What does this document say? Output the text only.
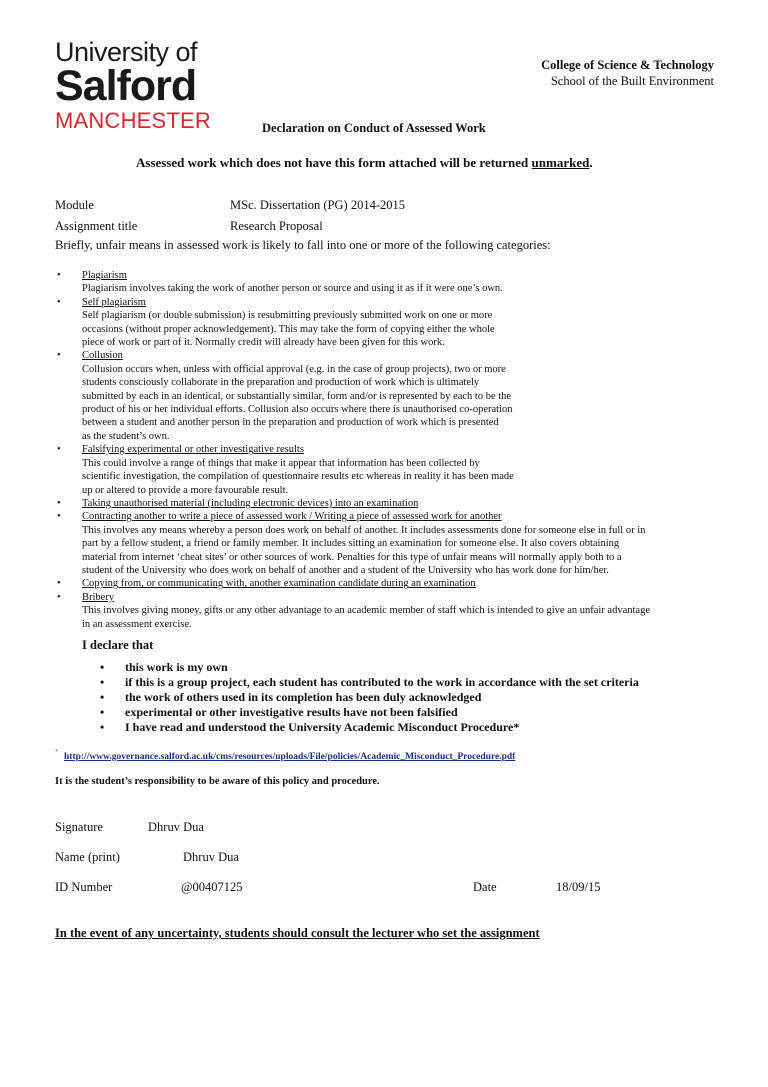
University of
Salford
MANCHESTER
College of Science & Technology
School of the Built Environment
Declaration on Conduct of Assessed Work
Assessed work which does not have this form attached will be returned unmarked.
Module	MSc. Dissertation (PG) 2014-2015
Assignment title	Research Proposal
Briefly, unfair means in assessed work is likely to fall into one or more of the following categories:
• Plagiarism
Plagiarism involves taking the work of another person or source and using it as if it were one’s own.
• Self plagiarism
Self plagiarism (or double submission) is resubmitting previously submitted work on one or more
occasions (without proper acknowledgement). This may take the form of copying either the whole
piece of work or part of it. Normally credit will already have been given for this work.
• Collusion
Collusion occurs when, unless with official approval (e.g. in the case of group projects), two or more
students consciously collaborate in the preparation and production of work which is ultimately
submitted by each in an identical, or substantially similar, form and/or is represented by each to be the
product of his or her individual efforts. Collusion also occurs where there is unauthorised co-operation
between a student and another person in the preparation and production of work which is presented
as the student’s own.
• Falsifying experimental or other investigative results
This could involve a range of things that make it appear that information has been collected by
scientific investigation, the compilation of questionnaire results etc whereas in reality it has been made
up or altered to provide a more favourable result.
• Taking unauthorised material (including electronic devices) into an examination
• Contracting another to write a piece of assessed work / Writing a piece of assessed work for another
This involves any means whereby a person does work on behalf of another. It includes assessments done for someone else in full or in
part by a fellow student, a friend or family member. It includes sitting an examination for someone else. It also covers obtaining
material from internet ‘cheat sites’ or other sources of work. Penalties for this type of unfair means will normally apply both to a
student of the University who does work on behalf of another and a student of the University who has work done for him/her.
• Copying from, or communicating with, another examination candidate during an examination
• Bribery
This involves giving money, gifts or any other advantage to an academic member of staff which is intended to give an unfair advantage
in an assessment exercise.
I declare that
• this work is my own
• if this is a group project, each student has contributed to the work in accordance with the set criteria
• the work of others used in its completion has been duly acknowledged
• experimental or other investigative results have not been falsified
• I have read and understood the University Academic Misconduct Procedure*
* http://www.governance.salford.ac.uk/cms/resources/uploads/File/policies/Academic_Misconduct_Procedure.pdf
It is the student’s responsibility to be aware of this policy and procedure.
Signature	Dhruv Dua
Name (print)	Dhruv Dua
ID Number	@00407125	Date	18/09/15
In the event of any uncertainty, students should consult the lecturer who set the assignment
